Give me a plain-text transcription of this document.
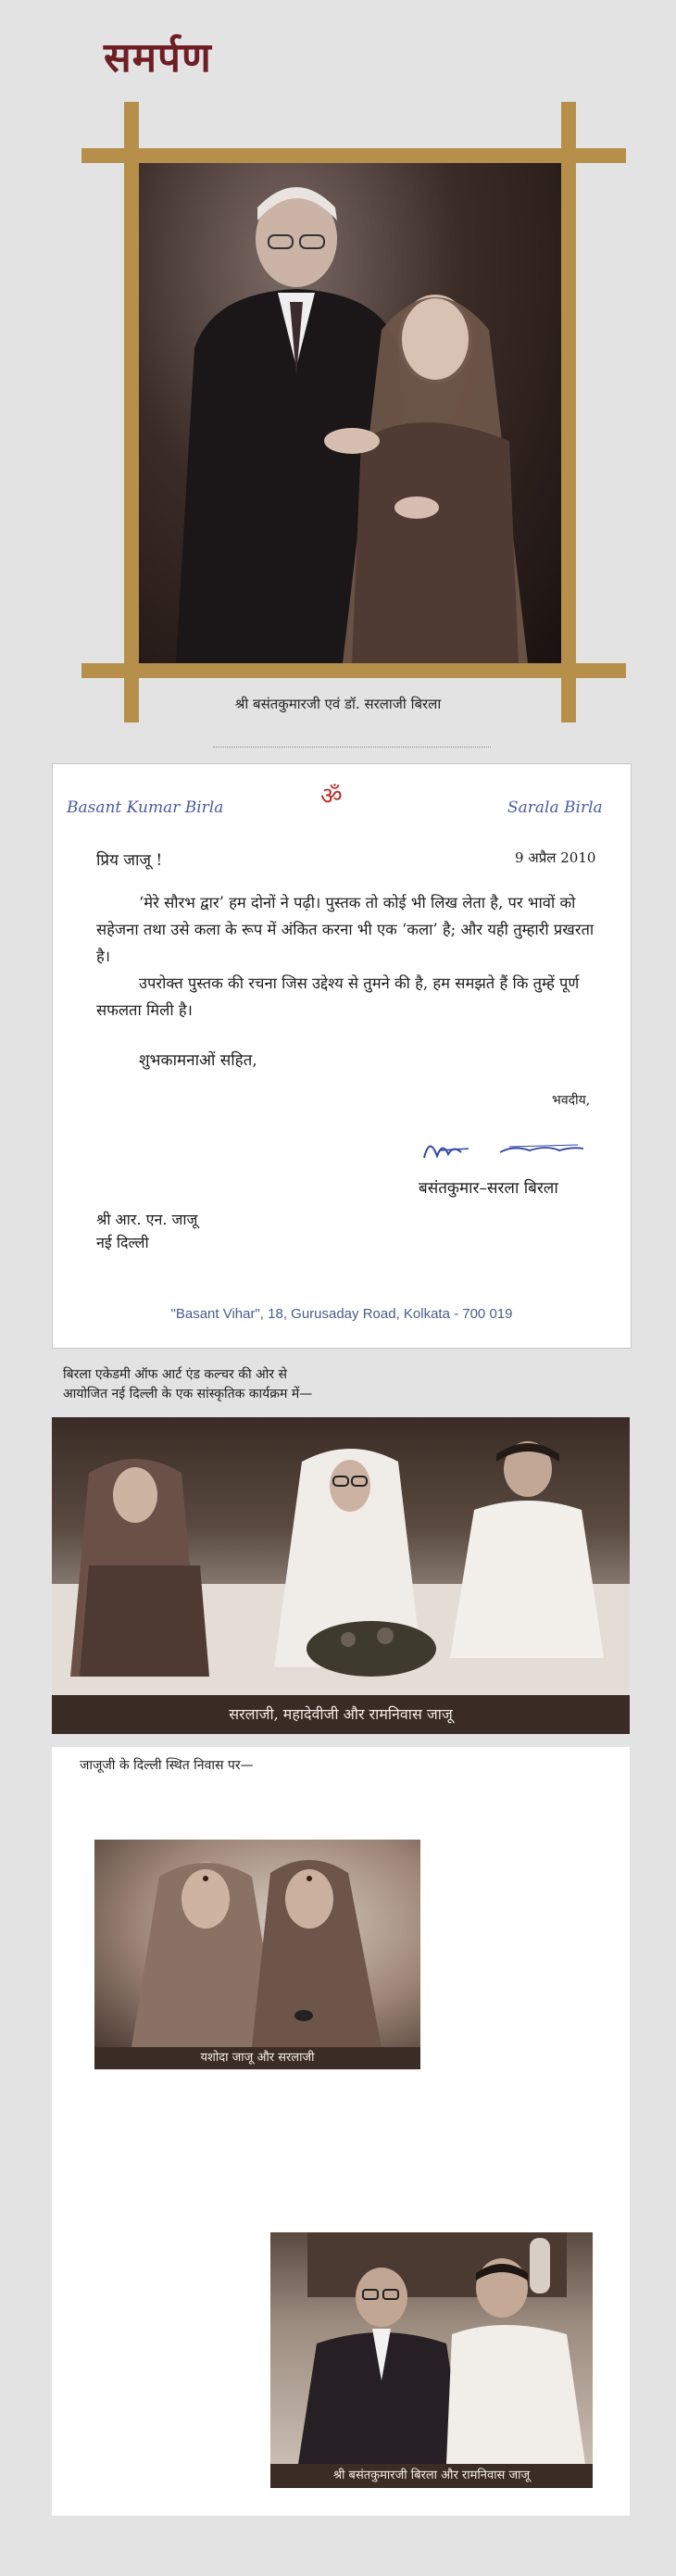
समर्पण
श्री बसंतकुमारजी एवं डॉ. सरलाजी बिरला
ॐ
Basant Kumar Birla	Sarala Birla
प्रिय जाजू !	9 अप्रैल 2010

‘मेरे सौरभ द्वार’ हम दोनों ने पढ़ी। पुस्तक तो कोई भी लिख लेता है, पर भावों को सहेजना तथा उसे कला के रूप में अंकित करना भी एक ‘कला’ है; और यही तुम्हारी प्रखरता है।

उपरोक्त पुस्तक की रचना जिस उद्देश्य से तुमने की है, हम समझते हैं कि तुम्हें पूर्ण सफलता मिली है।

शुभकामनाओं सहित,
भवदीय,
बसंतकुमार–सरला बिरला
श्री आर. एन. जाजू
नई दिल्ली
"Basant Vihar", 18, Gurusaday Road, Kolkata - 700 019
बिरला एकेडमी ऑफ आर्ट एंड कल्चर की ओर से
आयोजित नई दिल्ली के एक सांस्कृतिक कार्यक्रम में—
सरलाजी, महादेवीजी और रामनिवास जाजू
जाजूजी के दिल्ली स्थित निवास पर—
यशोदा जाजू और सरलाजी
श्री बसंतकुमारजी बिरला और रामनिवास जाजू
